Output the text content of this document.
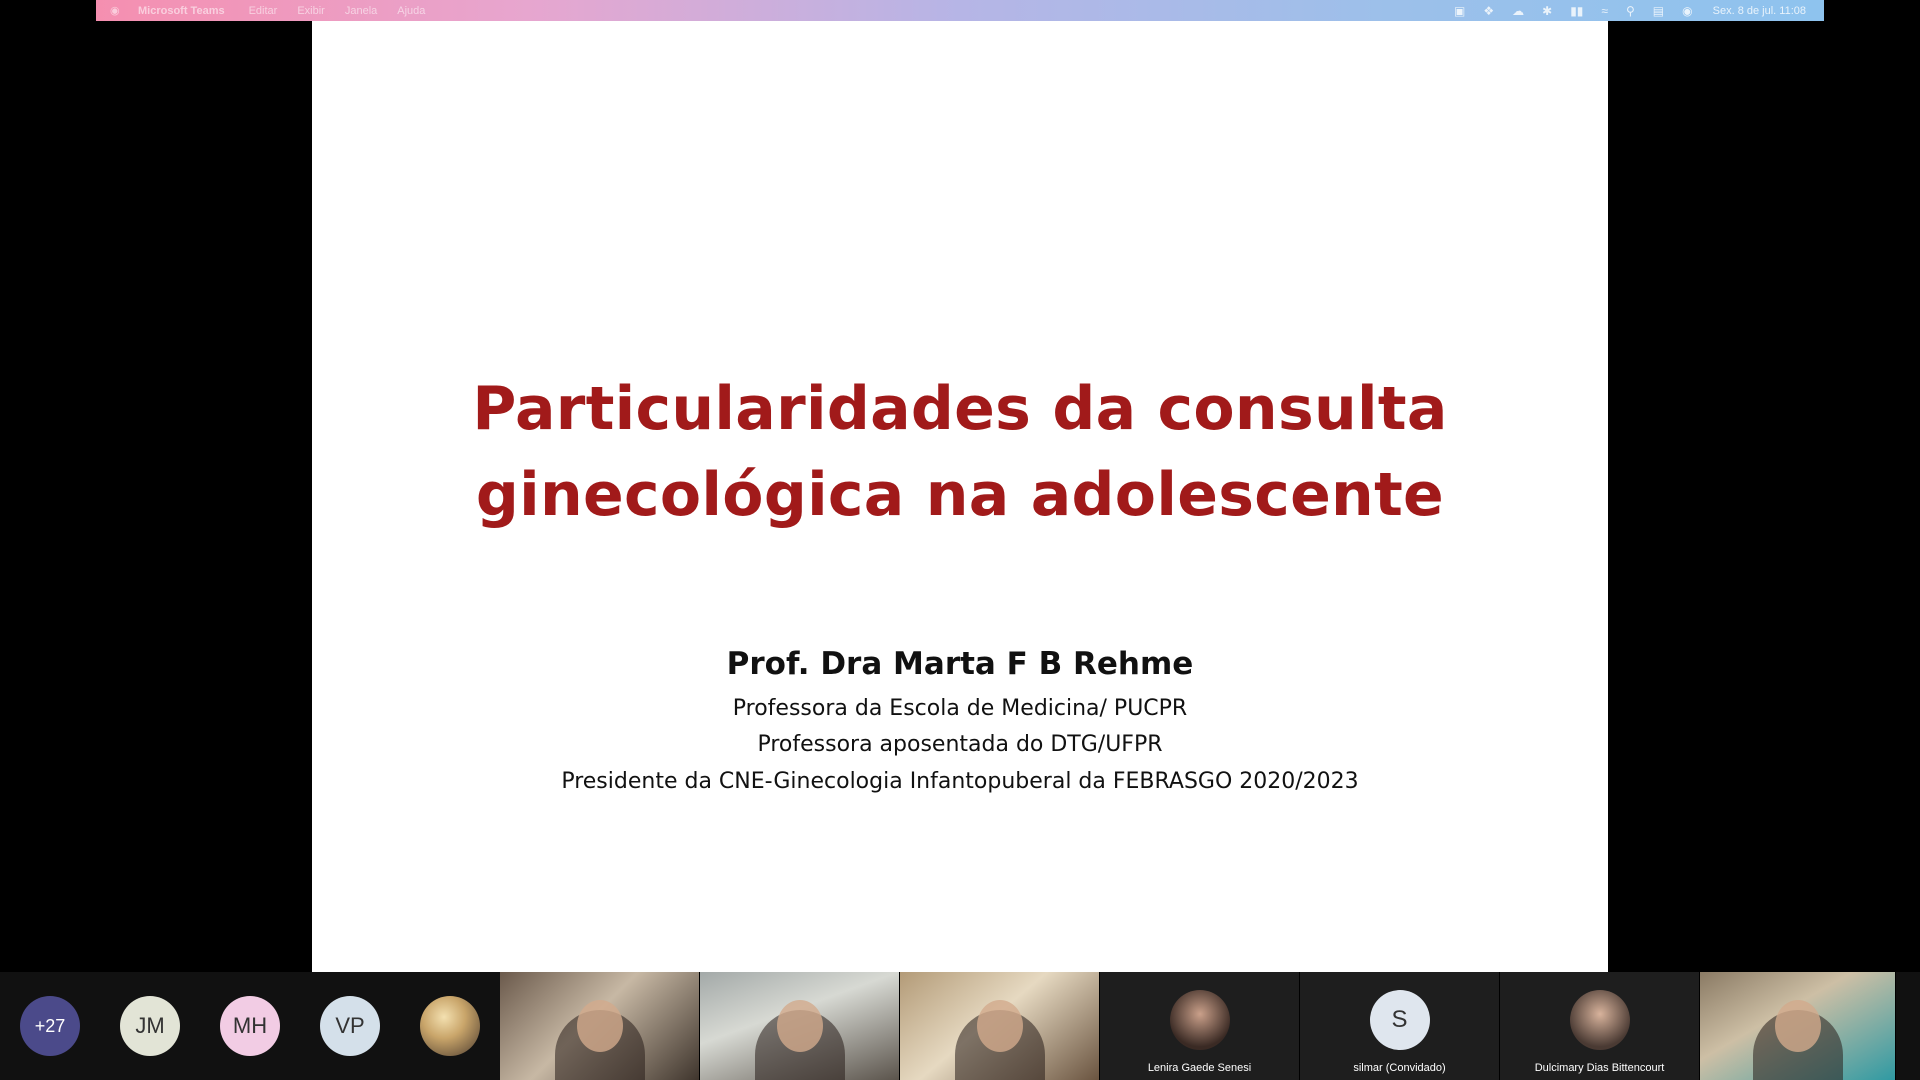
◉ Microsoft Teams Editar Exibir Janela Ajuda	▣ ❖ ☁ ✱ ▮▮ ≈ ⚲ ▤ ◉ Sex. 8 de jul. 11:08
Particularidades da consulta
ginecológica na adolescente
Prof. Dra Marta F B Rehme
Professora da Escola de Medicina/ PUCPR
Professora aposentada do DTG/UFPR
Presidente da CNE-Ginecologia Infantopuberal da FEBRASGO 2020/2023
+27	JM	MH	VP
Lenira Gaede Senesi
S
silmar (Convidado)	Dulcimary Dias Bittencourt
